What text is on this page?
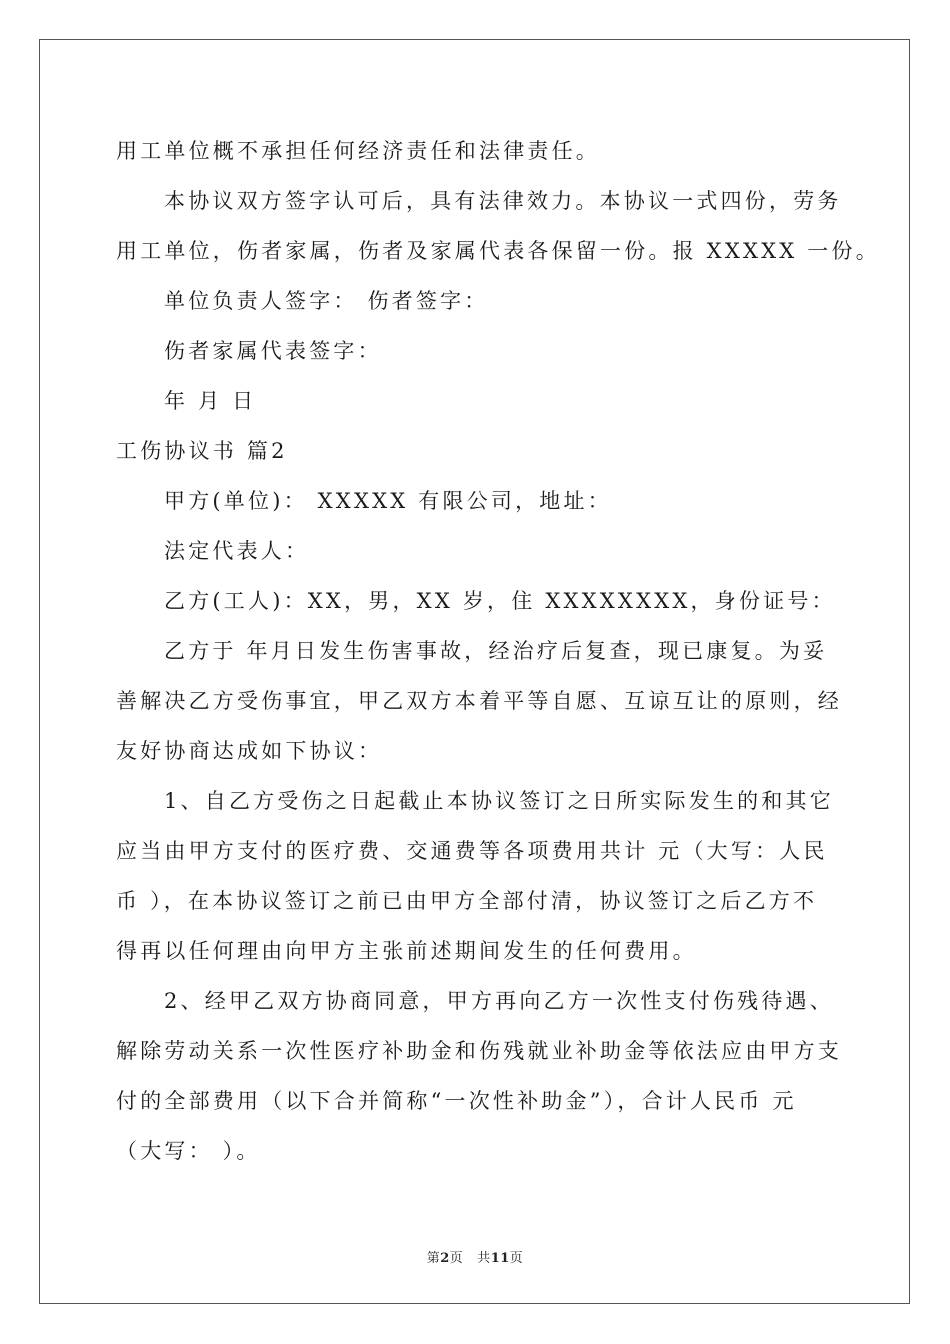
用工单位概不承担任何经济责任和法律责任。
本协议双方签字认可后，具有法律效力。本协议一式四份，劳务
用工单位，伤者家属，伤者及家属代表各保留一份。报 XXXXX 一份。
单位负责人签字： 伤者签字：
伤者家属代表签字：
年 月 日
工伤协议书 篇2
甲方(单位)： XXXXX 有限公司，地址：
法定代表人：
乙方(工人)：XX，男，XX 岁，住 XXXXXXXX，身份证号：
乙方于 年月日发生伤害事故，经治疗后复查，现已康复。为妥
善解决乙方受伤事宜，甲乙双方本着平等自愿、互谅互让的原则，经
友好协商达成如下协议：
1、自乙方受伤之日起截止本协议签订之日所实际发生的和其它
应当由甲方支付的医疗费、交通费等各项费用共计 元（大写：人民
币 ），在本协议签订之前已由甲方全部付清，协议签订之后乙方不
得再以任何理由向甲方主张前述期间发生的任何费用。
2、经甲乙双方协商同意，甲方再向乙方一次性支付伤残待遇、
解除劳动关系一次性医疗补助金和伤残就业补助金等依法应由甲方支
付的全部费用（以下合并简称“一次性补助金”），合计人民币 元
（大写： ）。
第2页 共11页
